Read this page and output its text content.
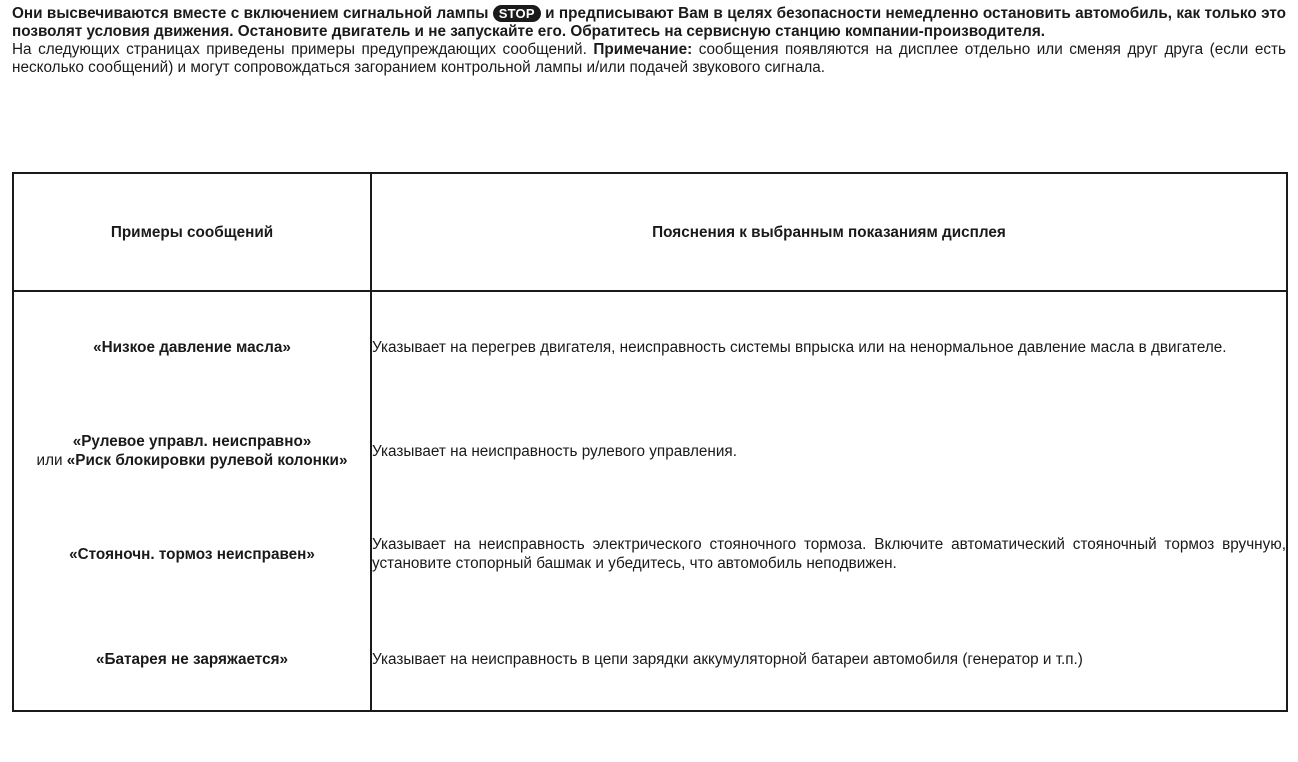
Они высвечиваются вместе с включением сигнальной лампы STOP и предписывают Вам в целях безопасности немедленно остановить автомобиль, как только это позволят условия движения. Остановите двигатель и не запускайте его. Обратитесь на сервисную станцию компании-производителя.

На следующих страницах приведены примеры предупреждающих сообщений. Примечание: сообщения появляются на дисплее отдельно или сменяя друг друга (если есть несколько сообщений) и могут сопровождаться загоранием контрольной лампы и/или подачей звукового сигнала.

Примеры сообщений	Пояснения к выбранным показаниям дисплея
«Низкое давление масла»	Указывает на перегрев двигателя, неисправность системы впрыска или на ненормальное давление масла в двигателе.
«Рулевое управл. неисправно»
или «Риск блокировки рулевой колонки»	Указывает на неисправность рулевого управления.
«Стояночн. тормоз неисправен»	Указывает на неисправность электрического стояночного тормоза. Включите автоматический стояночный тормоз вручную, установите стопорный башмак и убедитесь, что автомобиль неподвижен.
«Батарея не заряжается»	Указывает на неисправность в цепи зарядки аккумуляторной батареи автомобиля (генератор и т.п.)
